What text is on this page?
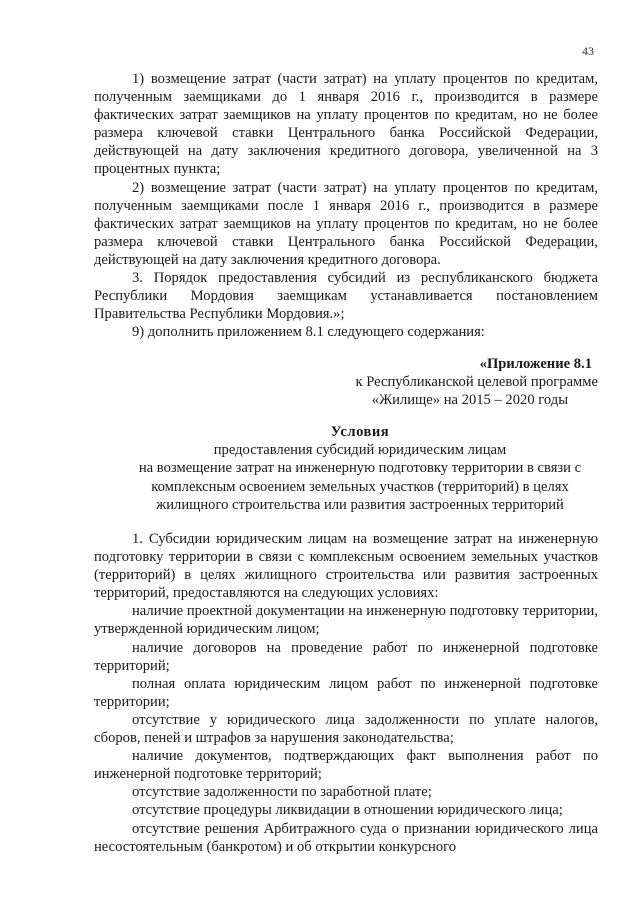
43

1) возмещение затрат (части затрат) на уплату процентов по кредитам, полученным заемщиками до 1 января 2016 г., производится в размере фактических затрат заемщиков на уплату процентов по кредитам, но не более размера ключевой ставки Центрального банка Российской Федерации, действующей на дату заключения кредитного договора, увеличенной на 3 процентных пункта;

2) возмещение затрат (части затрат) на уплату процентов по кредитам, полученным заемщиками после 1 января 2016 г., производится в размере фактических затрат заемщиков на уплату процентов по кредитам, но не более размера ключевой ставки Центрального банка Российской Федерации, действующей на дату заключения кредитного договора.

3. Порядок предоставления субсидий из республиканского бюджета Республики Мордовия заемщикам устанавливается постановлением Правительства Республики Мордовия.»;

9) дополнить приложением 8.1 следующего содержания:

«Приложение 8.1
к Республиканской целевой программе
«Жилище» на 2015 – 2020 годы
Условия
предоставления субсидий юридическим лицам
на возмещение затрат на инженерную подготовку территории в связи с
комплексным освоением земельных участков (территорий) в целях
жилищного строительства или развития застроенных территорий

1. Субсидии юридическим лицам на возмещение затрат на инженерную подготовку территории в связи с комплексным освоением земельных участков (территорий) в целях жилищного строительства или развития застроенных территорий, предоставляются на следующих условиях:

наличие проектной документации на инженерную подготовку территории, утвержденной юридическим лицом;

наличие договоров на проведение работ по инженерной подготовке территорий;

полная оплата юридическим лицом работ по инженерной подготовке территории;

отсутствие у юридического лица задолженности по уплате налогов, сборов, пеней и штрафов за нарушения законодательства;

наличие документов, подтверждающих факт выполнения работ по инженерной подготовке территорий;

отсутствие задолженности по заработной плате;

отсутствие процедуры ликвидации в отношении юридического лица;

отсутствие решения Арбитражного суда о признании юридического лица несостоятельным (банкротом) и об открытии конкурсного
